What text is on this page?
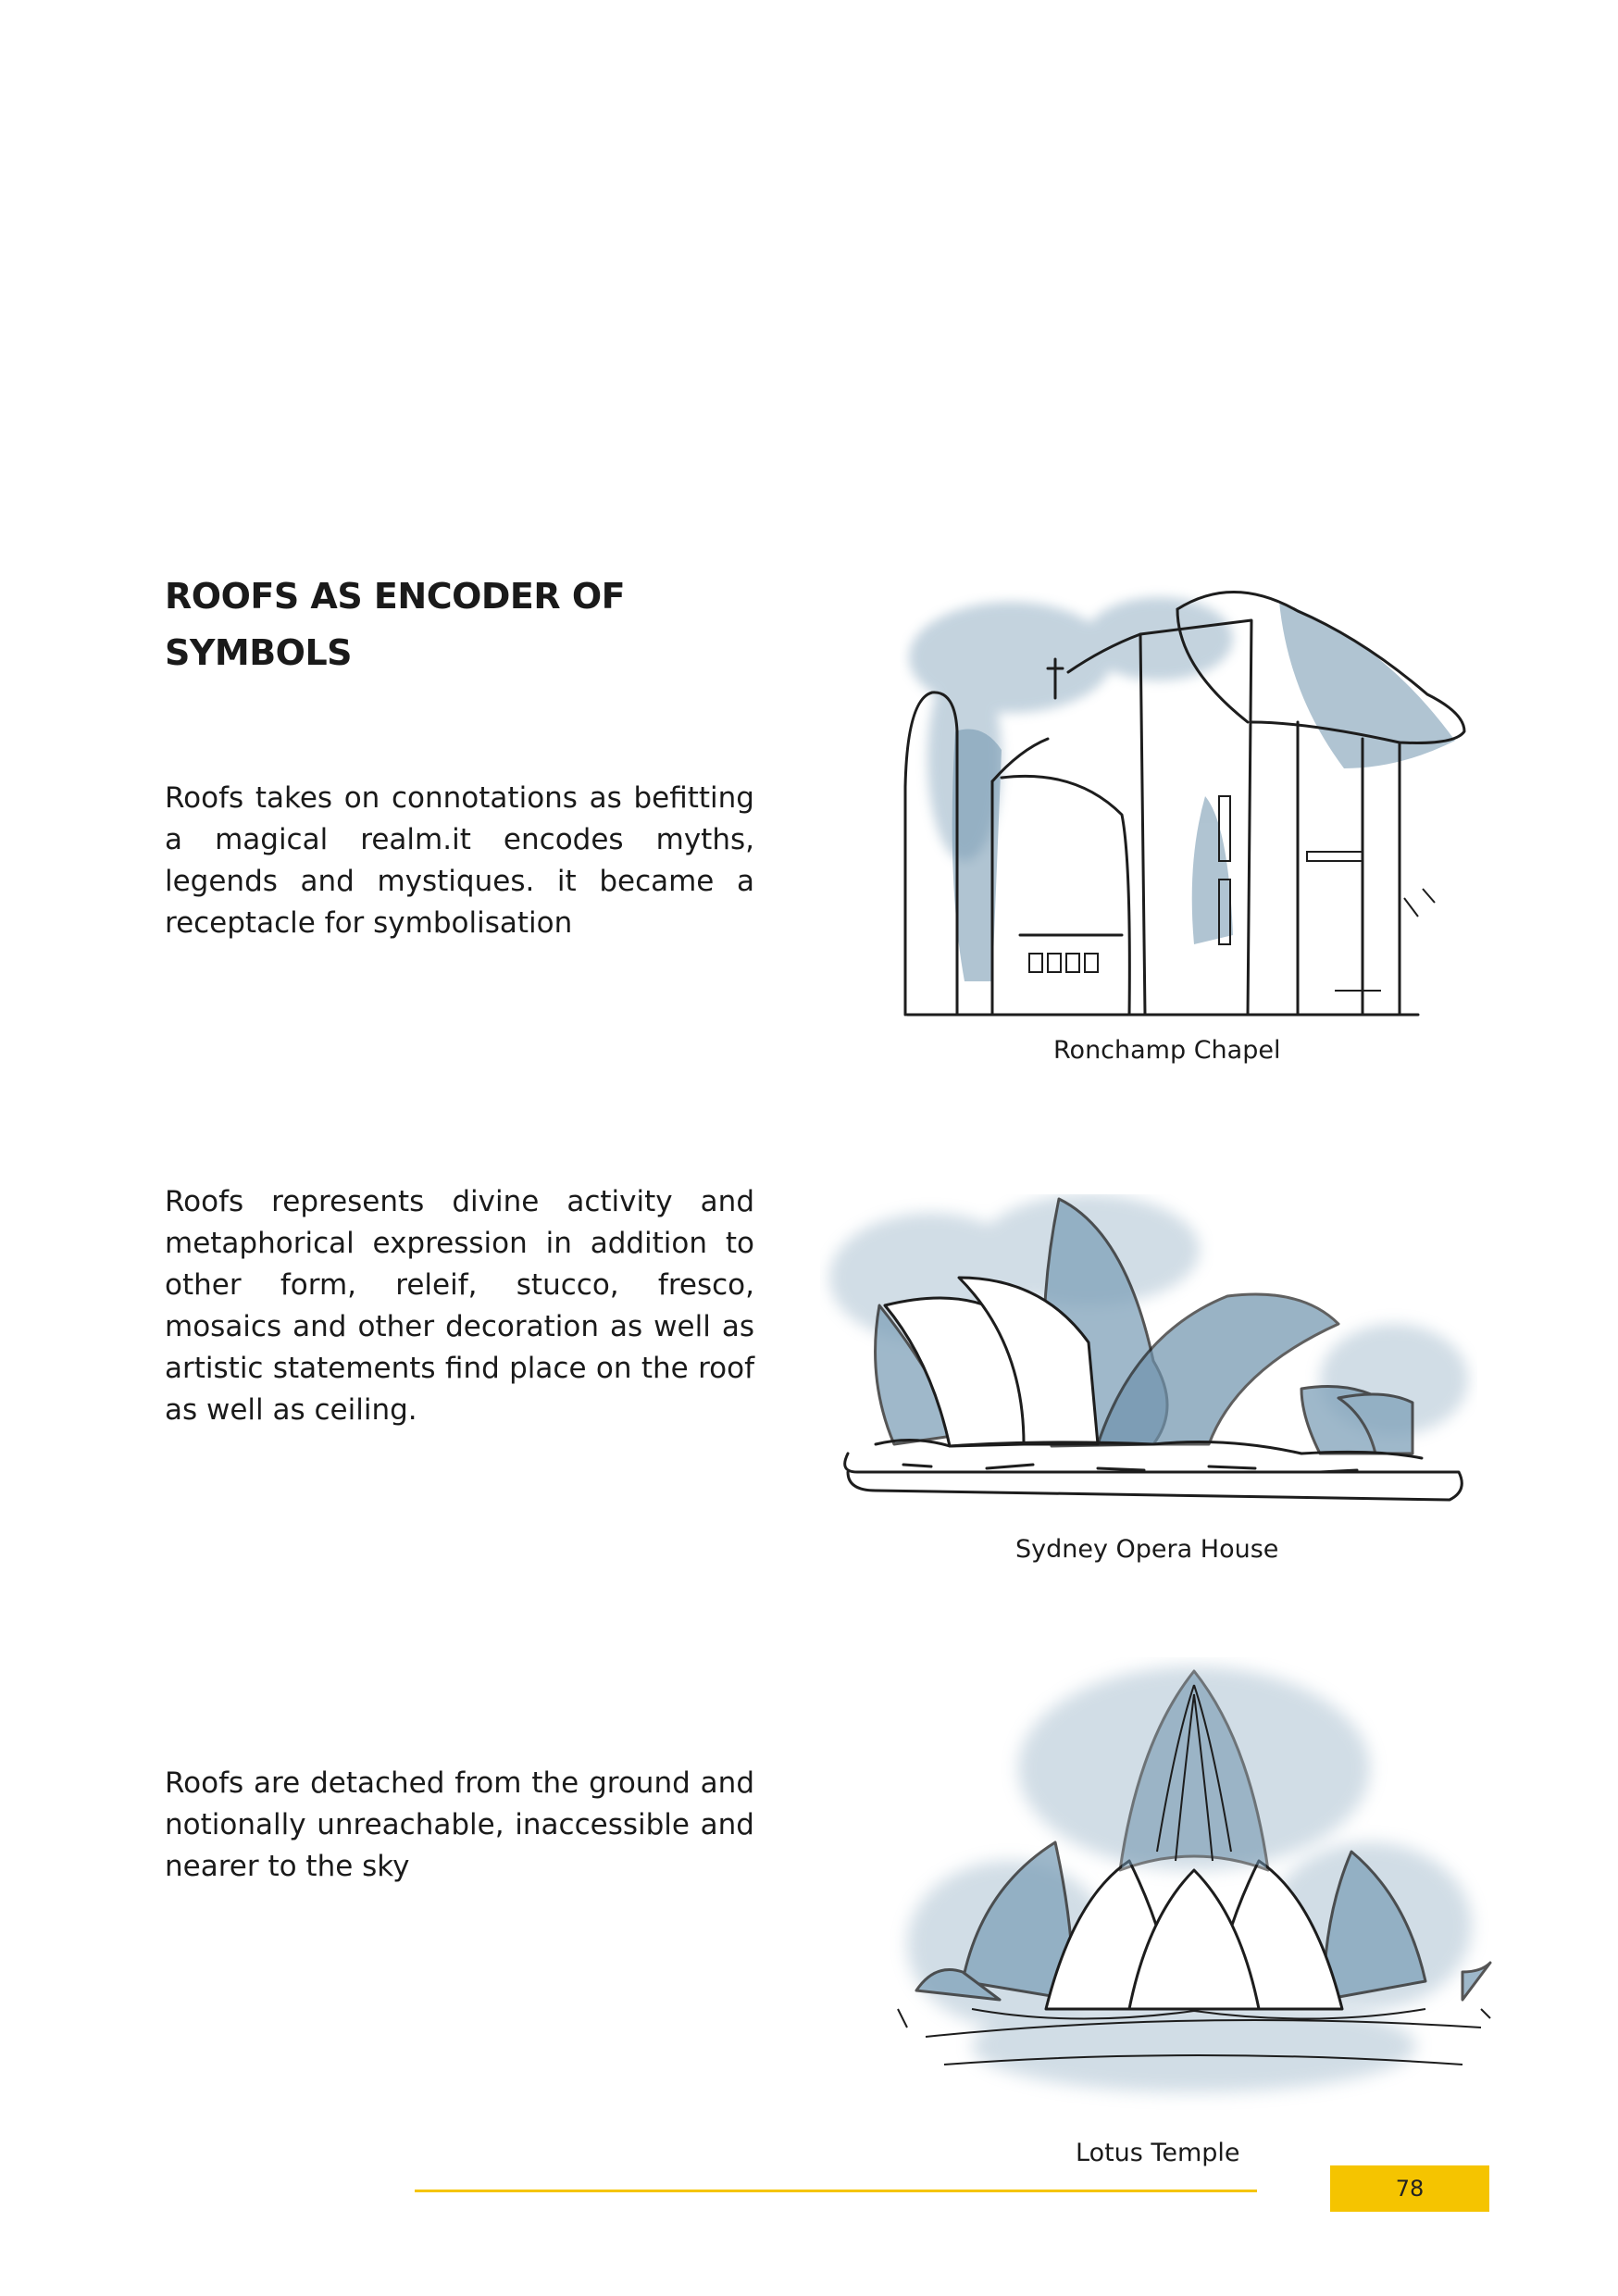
ROOFS AS ENCODER OF
SYMBOLS

Roofs takes on connotations as befitting a magical realm.it encodes myths, legends and mystiques. it became a receptacle for symbolisation

Roofs represents divine activity and metaphorical expression in addition to other form, releif, stucco, fresco, mosaics and other decoration as well as artistic statements find place on the roof as well as ceiling.

Roofs are detached from the ground and notionally unreachable, inaccessible and nearer to the sky

Ronchamp Chapel
Sydney Opera House
Lotus Temple
78
